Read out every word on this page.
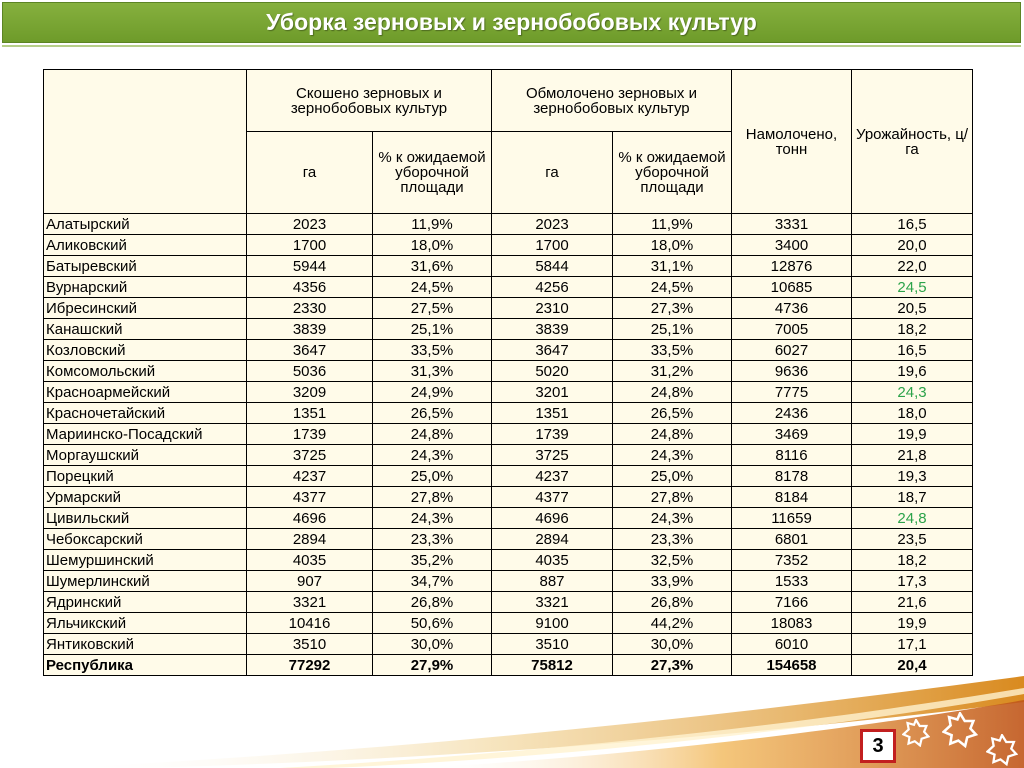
Уборка зерновых и зернобобовых культур
	Скошено зерновых и зернобобовых культур		Обмолочено зерновых и зернобобовых культур		Намолочено, тонн	Урожайность, ц/га
	га	% к ожидаемой уборочной площади	га	% к ожидаемой уборочной площади		
Алатырский	2023	11,9%	2023	11,9%	3331	16,5
Аликовский	1700	18,0%	1700	18,0%	3400	20,0
Батыревский	5944	31,6%	5844	31,1%	12876	22,0
Вурнарский	4356	24,5%	4256	24,5%	10685	24,5
Ибресинский	2330	27,5%	2310	27,3%	4736	20,5
Канашский	3839	25,1%	3839	25,1%	7005	18,2
Козловский	3647	33,5%	3647	33,5%	6027	16,5
Комсомольский	5036	31,3%	5020	31,2%	9636	19,6
Красноармейский	3209	24,9%	3201	24,8%	7775	24,3
Красночетайский	1351	26,5%	1351	26,5%	2436	18,0
Мариинско-Посадский	1739	24,8%	1739	24,8%	3469	19,9
Моргаушский	3725	24,3%	3725	24,3%	8116	21,8
Порецкий	4237	25,0%	4237	25,0%	8178	19,3
Урмарский	4377	27,8%	4377	27,8%	8184	18,7
Цивильский	4696	24,3%	4696	24,3%	11659	24,8
Чебоксарский	2894	23,3%	2894	23,3%	6801	23,5
Шемуршинский	4035	35,2%	4035	32,5%	7352	18,2
Шумерлинский	907	34,7%	887	33,9%	1533	17,3
Ядринский	3321	26,8%	3321	26,8%	7166	21,6
Яльчикский	10416	50,6%	9100	44,2%	18083	19,9
Янтиковский	3510	30,0%	3510	30,0%	6010	17,1
Республика	77292	27,9%	75812	27,3%	154658	20,4
3
